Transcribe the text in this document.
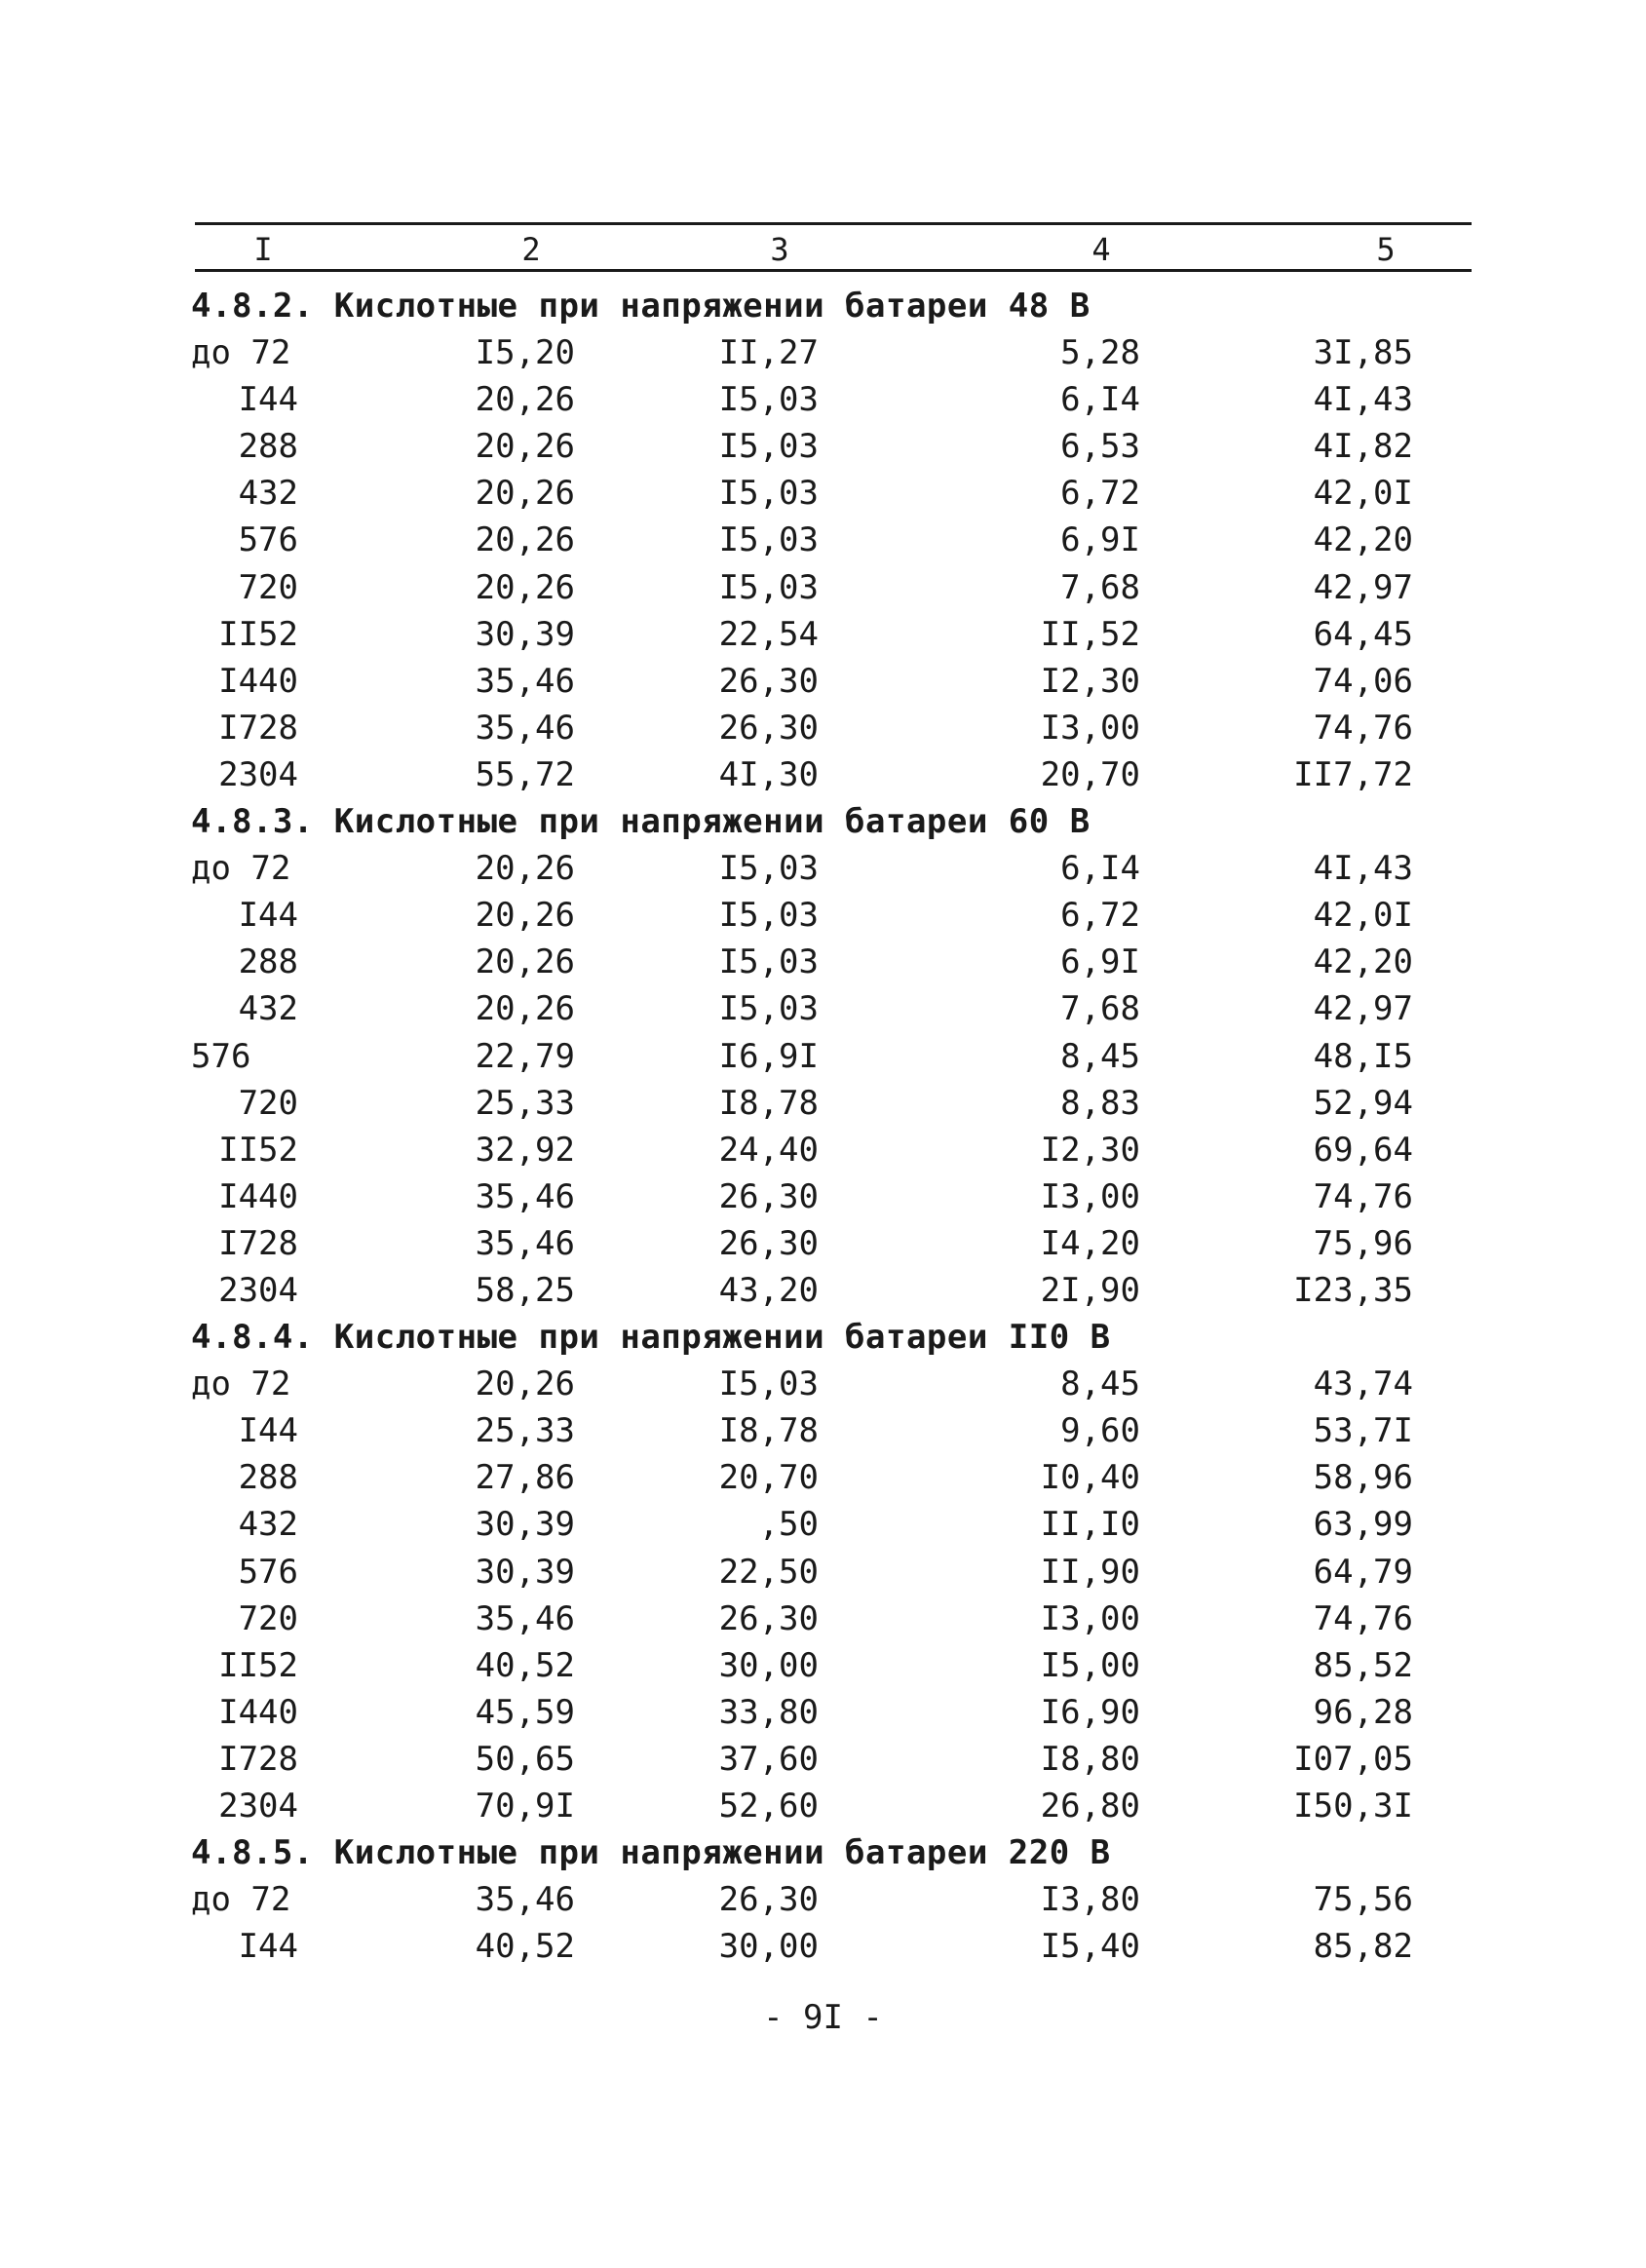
I	2	3	4	5
4.8.2. Кислотные при напряжении батареи 48 В
до 72	I5,20	II,27	5,28	3I,85
I44	20,26	I5,03	6,I4	4I,43
288	20,26	I5,03	6,53	4I,82
432	20,26	I5,03	6,72	42,0I
576	20,26	I5,03	6,9I	42,20
720	20,26	I5,03	7,68	42,97
II52	30,39	22,54	II,52	64,45
I440	35,46	26,30	I2,30	74,06
I728	35,46	26,30	I3,00	74,76
2304	55,72	4I,30	20,70	II7,72
4.8.3. Кислотные при напряжении батареи 60 В
до 72	20,26	I5,03	6,I4	4I,43
I44	20,26	I5,03	6,72	42,0I
288	20,26	I5,03	6,9I	42,20
432	20,26	I5,03	7,68	42,97
576	22,79	I6,9I	8,45	48,I5
720	25,33	I8,78	8,83	52,94
II52	32,92	24,40	I2,30	69,64
I440	35,46	26,30	I3,00	74,76
I728	35,46	26,30	I4,20	75,96
2304	58,25	43,20	2I,90	I23,35
4.8.4. Кислотные при напряжении батареи II0 В
до 72	20,26	I5,03	8,45	43,74
I44	25,33	I8,78	9,60	53,7I
288	27,86	20,70	I0,40	58,96
432	30,39	,50	II,I0	63,99
576	30,39	22,50	II,90	64,79
720	35,46	26,30	I3,00	74,76
II52	40,52	30,00	I5,00	85,52
I440	45,59	33,80	I6,90	96,28
I728	50,65	37,60	I8,80	I07,05
2304	70,9I	52,60	26,80	I50,3I
4.8.5. Кислотные при напряжении батареи 220 В
до 72	35,46	26,30	I3,80	75,56
I44	40,52	30,00	I5,40	85,82
- 9I -
